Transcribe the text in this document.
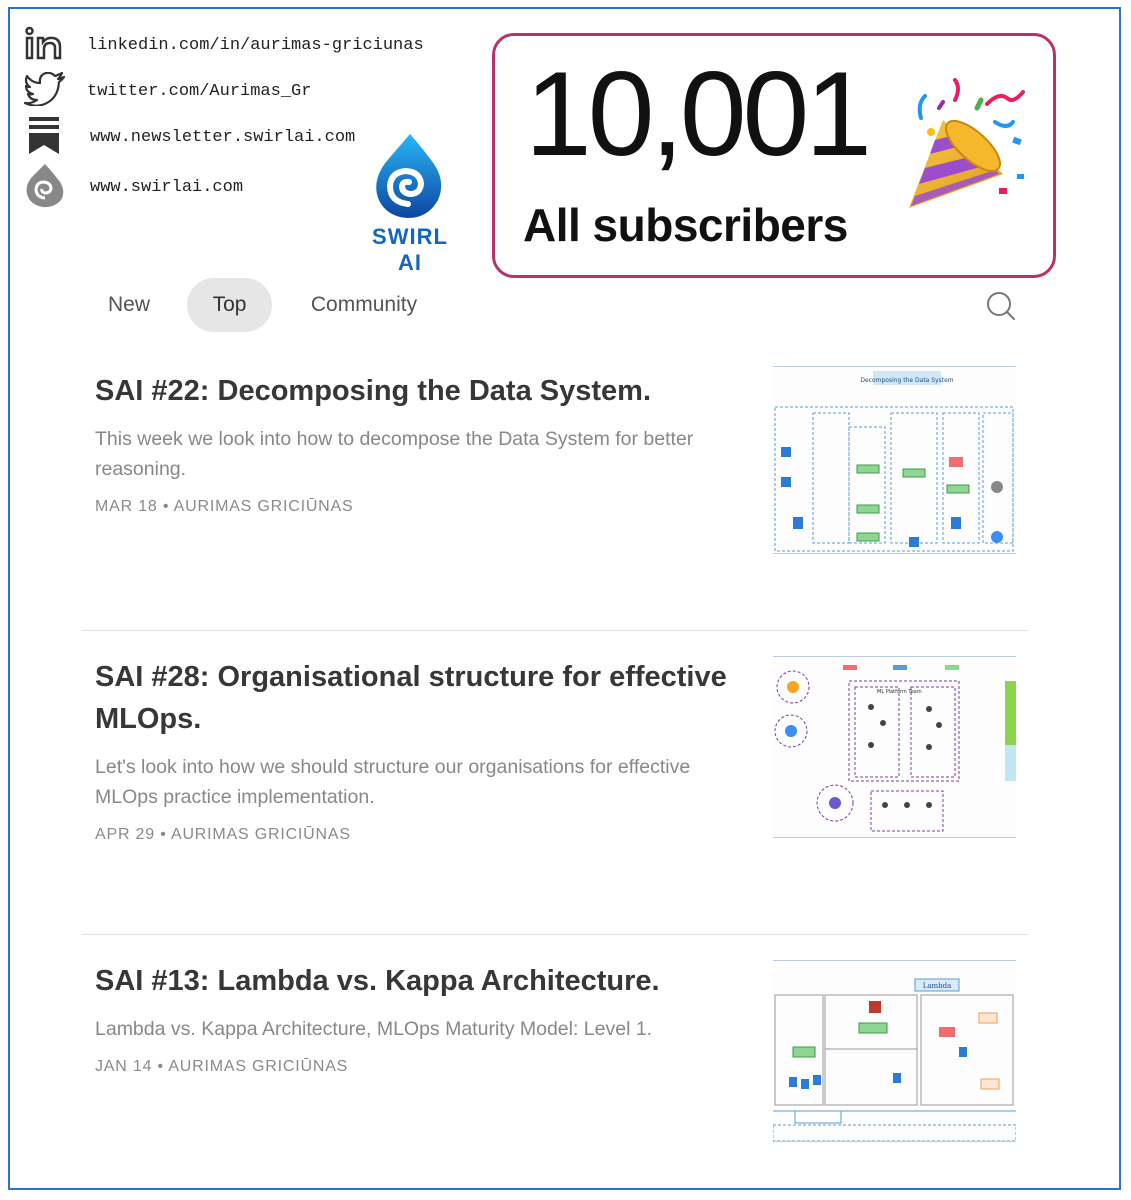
linkedin.com/in/aurimas-griciunas
twitter.com/Aurimas_Gr
www.newsletter.swirlai.com
www.swirlai.com
SWIRL AI
10,001
All subscribers
New	Top	Community
SAI #22: Decomposing the Data System.

This week we look into how to decompose the Data System for better reasoning.

MAR 18 • AURIMAS GRICIŪNAS
Decomposing the Data System
SAI #28: Organisational structure for effective MLOps.

Let's look into how we should structure our organisations for effective MLOps practice implementation.

APR 29 • AURIMAS GRICIŪNAS
ML Platform Team
SAI #13: Lambda vs. Kappa Architecture.

Lambda vs. Kappa Architecture, MLOps Maturity Model: Level 1.

JAN 14 • AURIMAS GRICIŪNAS
Lambda
